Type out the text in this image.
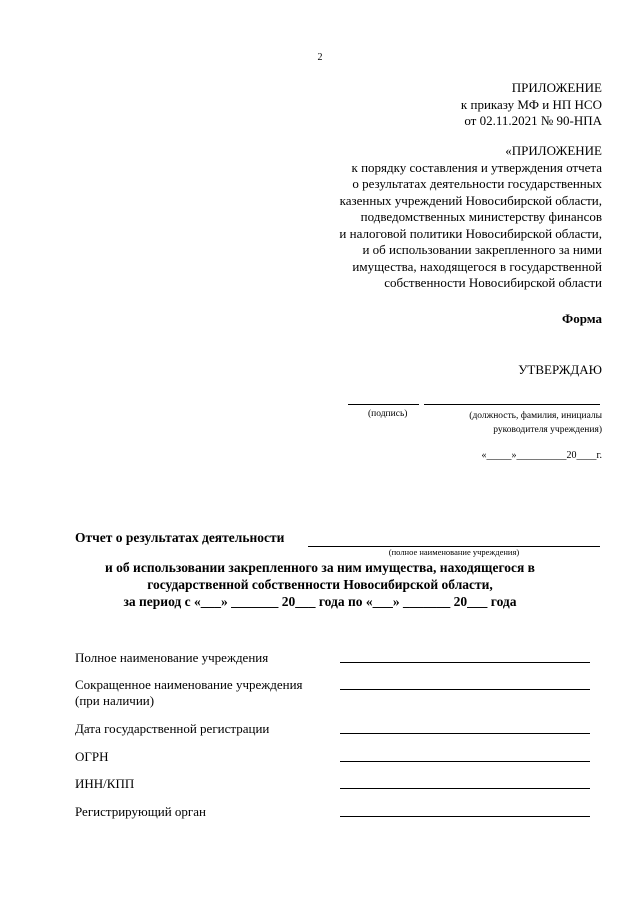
2
ПРИЛОЖЕНИЕ
к приказу МФ и НП НСО
от 02.11.2021 № 90-НПА
«ПРИЛОЖЕНИЕ
к порядку составления и утверждения отчета
о результатах деятельности государственных
казенных учреждений Новосибирской области,
подведомственных министерству финансов
и налоговой политики Новосибирской области,
и об использовании закрепленного за ними
имущества, находящегося в государственной
собственности Новосибирской области
Форма
УТВЕРЖДАЮ
(подпись)	(должность, фамилия, инициалы
руководителя учреждения)
«_____»__________20____г.
Отчет о результатах деятельности
(полное наименование учреждения)
и об использовании закрепленного за ним имущества, находящегося в
государственной собственности Новосибирской области,
за период с «___» _______ 20___ года по «___» _______ 20___ года
Полное наименование учреждения
Сокращенное наименование учреждения
(при наличии)
Дата государственной регистрации
ОГРН
ИНН/КПП
Регистрирующий орган
